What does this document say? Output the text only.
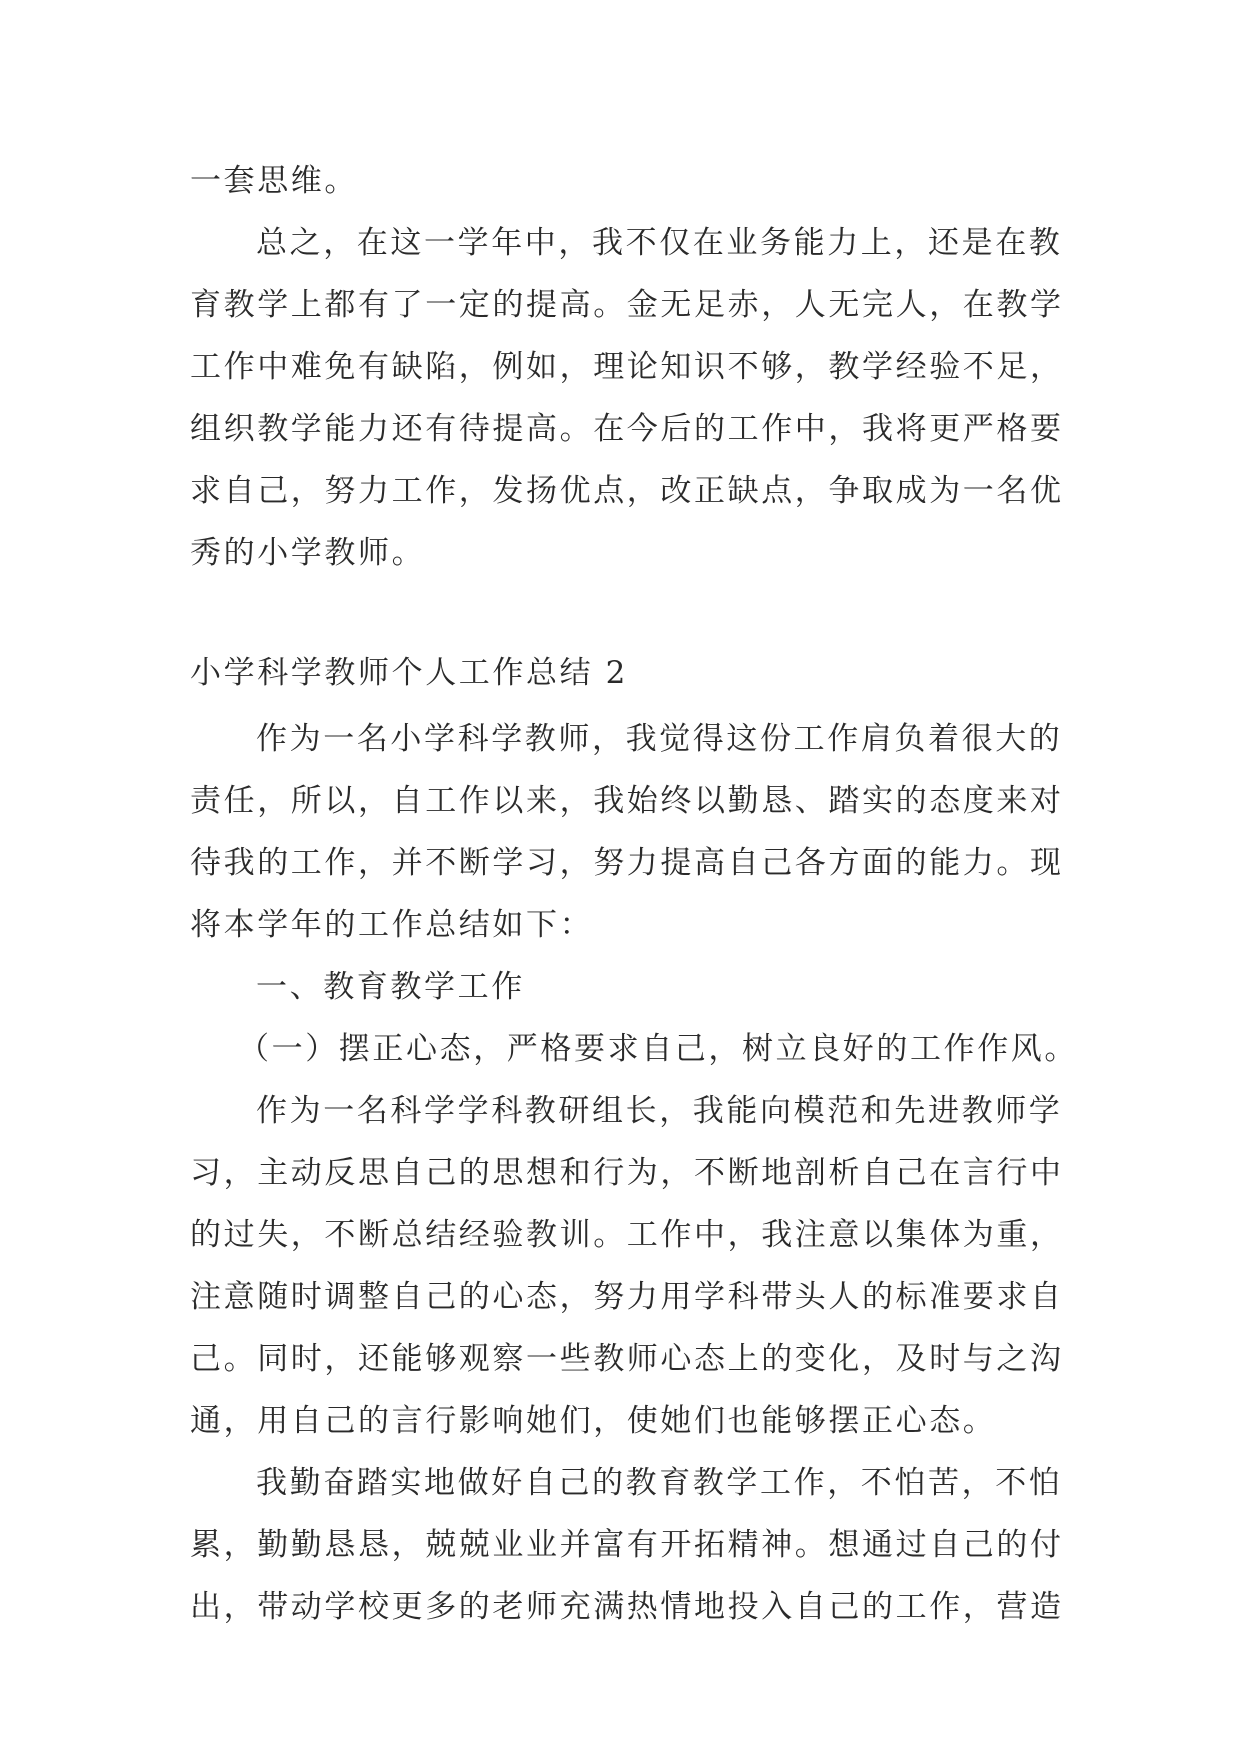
一套思维。
总之，在这一学年中，我不仅在业务能力上，还是在教
育教学上都有了一定的提高。金无足赤，人无完人，在教学
工作中难免有缺陷，例如，理论知识不够，教学经验不足，
组织教学能力还有待提高。在今后的工作中，我将更严格要
求自己，努力工作，发扬优点，改正缺点，争取成为一名优
秀的小学教师。
小学科学教师个人工作总结 2
作为一名小学科学教师，我觉得这份工作肩负着很大的
责任，所以，自工作以来，我始终以勤恳、踏实的态度来对
待我的工作，并不断学习，努力提高自己各方面的能力。现
将本学年的工作总结如下：
一、教育教学工作
（一）摆正心态，严格要求自己，树立良好的工作作风。
作为一名科学学科教研组长，我能向模范和先进教师学
习，主动反思自己的思想和行为，不断地剖析自己在言行中
的过失，不断总结经验教训。工作中，我注意以集体为重，
注意随时调整自己的心态，努力用学科带头人的标准要求自
己。同时，还能够观察一些教师心态上的变化，及时与之沟
通，用自己的言行影响她们，使她们也能够摆正心态。
我勤奋踏实地做好自己的教育教学工作，不怕苦，不怕
累，勤勤恳恳，兢兢业业并富有开拓精神。想通过自己的付
出，带动学校更多的老师充满热情地投入自己的工作，营造
